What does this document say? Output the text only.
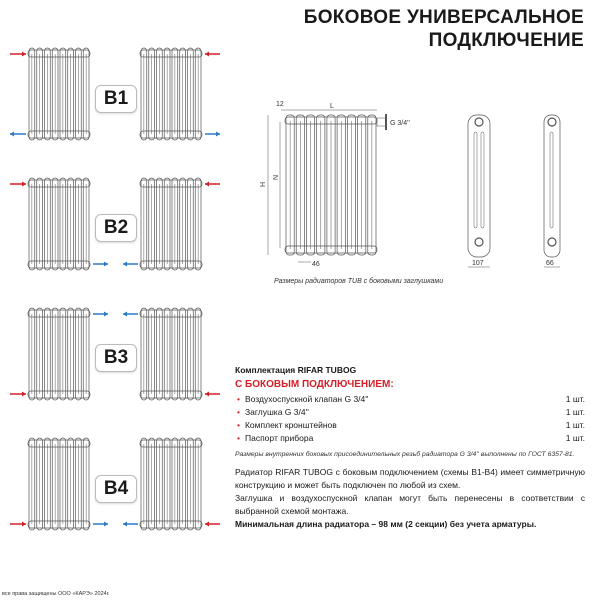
БОКОВОЕ УНИВЕРСАЛЬНОЕ
ПОДКЛЮЧЕНИЕ
12	L
H
N
46
G 3/4''
107	66
B1
B2
B3
B4
Размеры радиаторов TUB с боковыми заглушками
Комплектация RIFAR TUBOG
С БОКОВЫМ ПОДКЛЮЧЕНИЕМ:
• Воздухоспускной клапан G 3/4''	1 шт.
• Заглушка G 3/4''	1 шт.
• Комплект кронштейнов	1 шт.
• Паспорт прибора	1 шт.
Размеры внутренних боковых присоединительных резьб радиатора G 3/4'' выполнены по ГОСТ 6357-81.

Радиатор RIFAR TUBOG с боковым подключением (схемы B1-B4) имеет симметричную конструкцию и может быть подключен по любой из схем.

Заглушка и воздухоспускной клапан могут быть перенесены в соответствии с выбранной схемой монтажа.

Минимальная длина радиатора – 98 мм (2 секции) без учета арматуры.

все права защищены ООО «КАРЭ» 2024г.
